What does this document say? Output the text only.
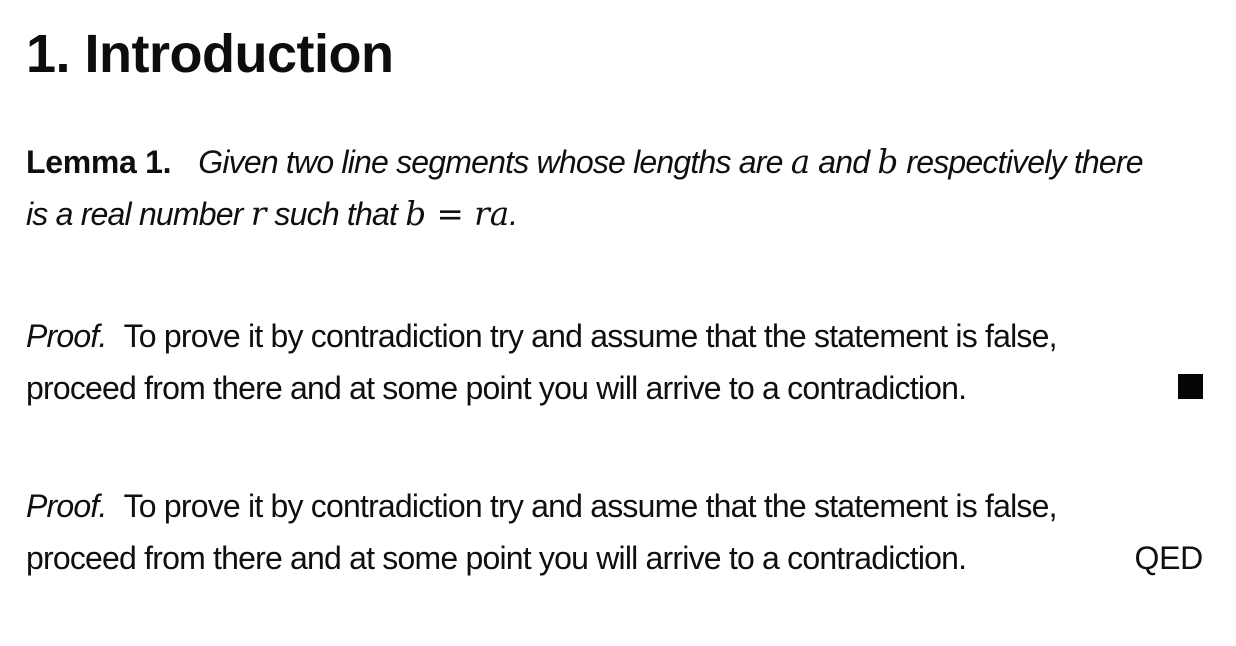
1. Introduction
Lemma 1. Given two line segments whose lengths are a and b respectively there
is a real number r such that b = ra.
Proof. To prove it by contradiction try and assume that the statement is false,
proceed from there and at some point you will arrive to a contradiction.
Proof. To prove it by contradiction try and assume that the statement is false,
proceed from there and at some point you will arrive to a contradiction.	QED
